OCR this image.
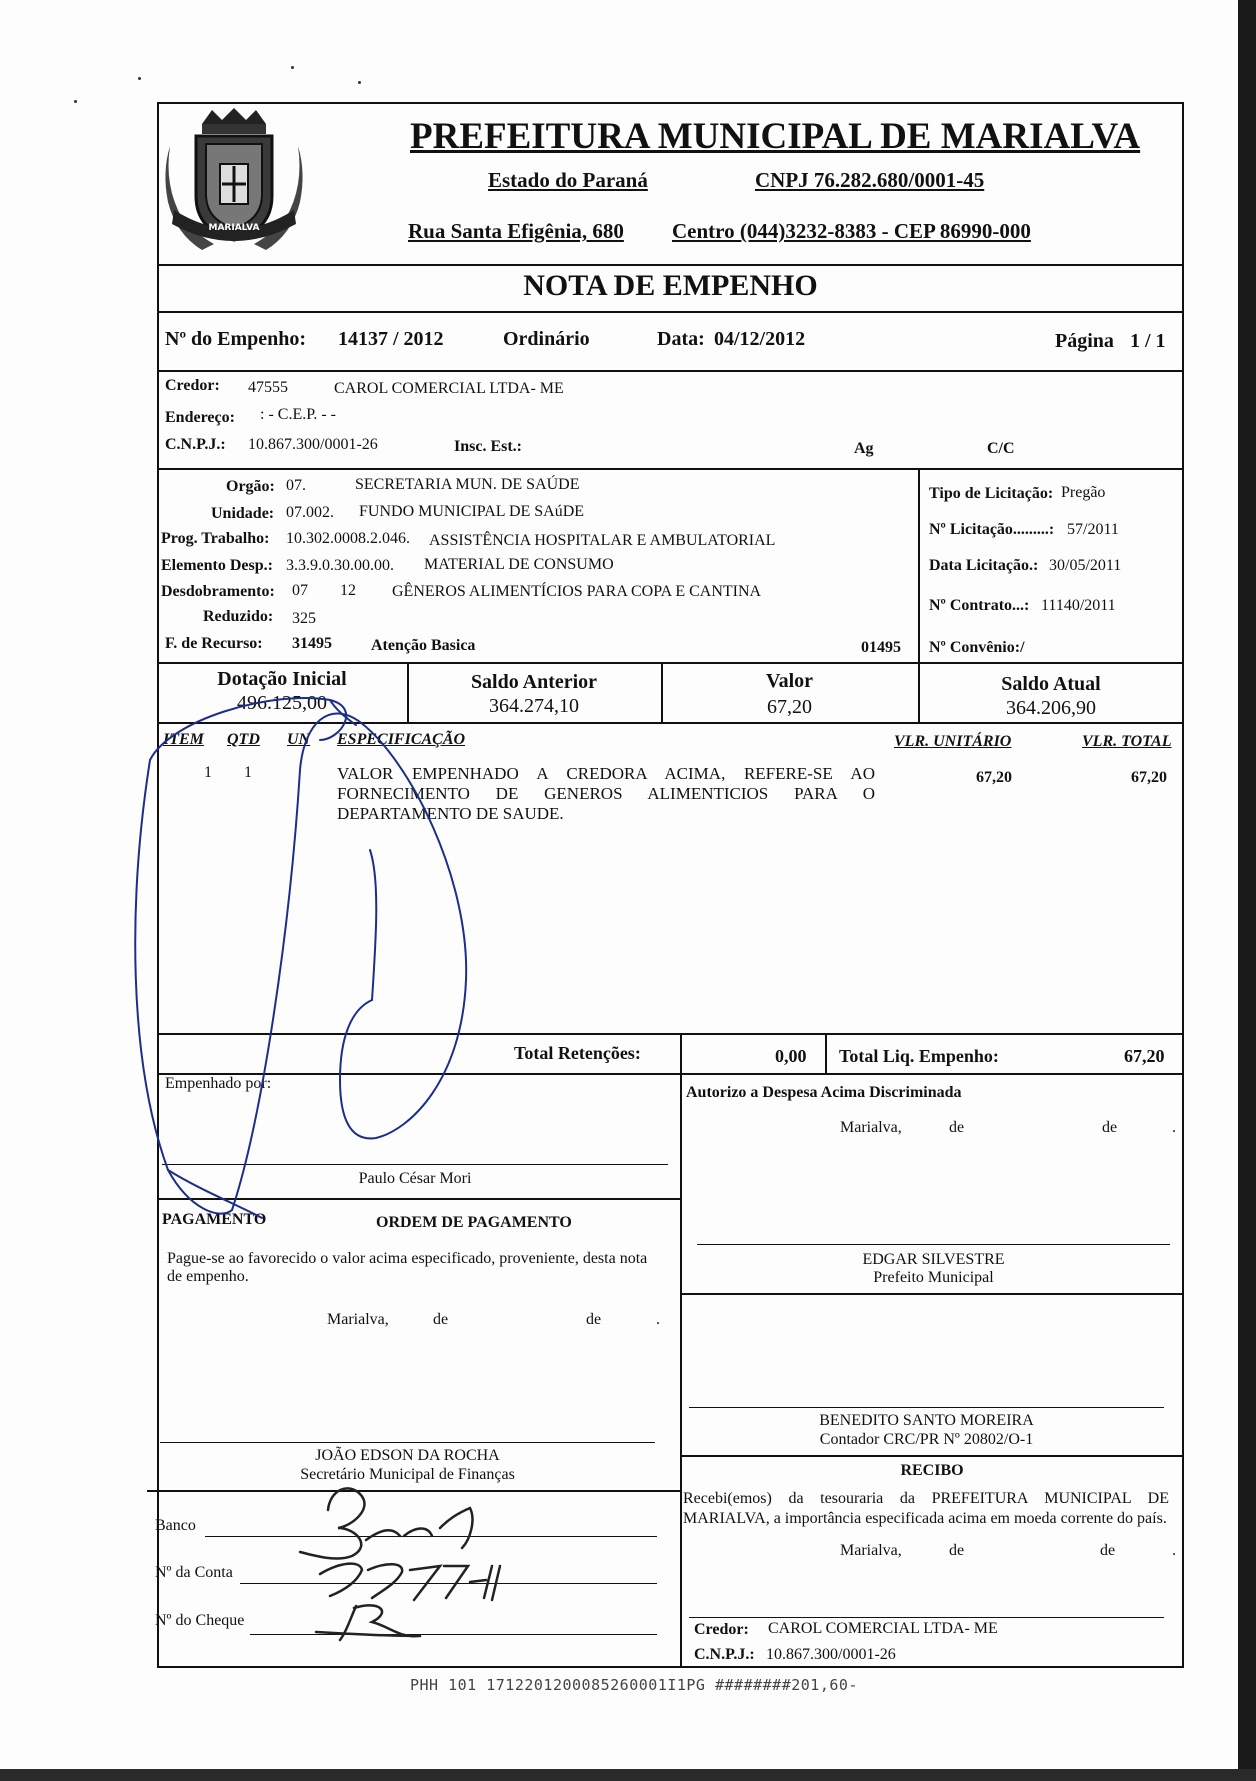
MARIALVA
PREFEITURA MUNICIPAL DE MARIALVA
Estado do Paraná	CNPJ 76.282.680/0001-45
Rua Santa Efigênia, 680 Centro (044)3232-8383 - CEP 86990-000
NOTA DE EMPENHO
Nº do Empenho: 14137 / 2012	Ordinário	Data: 04/12/2012	Página 1 / 1
Credor: 47555	CAROL COMERCIAL LTDA- ME
Endereço: : - C.E.P. - -
C.N.P.J.: 10.867.300/0001-26	Insc. Est.:	Ag	C/C
Orgão: 07.	SECRETARIA MUN. DE SAÚDE
Unidade: 07.002. FUNDO MUNICIPAL DE SAúDE
Prog. Trabalho: 10.302.0008.2.046. ASSISTÊNCIA HOSPITALAR E AMBULATORIAL
Elemento Desp.: 3.3.9.0.30.00.00. MATERIAL DE CONSUMO
Desdobramento: 07 12 GÊNEROS ALIMENTÍCIOS PARA COPA E CANTINA
Reduzido: 325
F. de Recurso: 31495 Atenção Basica	01495
Tipo de Licitação: Pregão
Nº Licitação.........: 57/2011
Data Licitação.: 30/05/2011
Nº Contrato...: 11140/2011
Nº Convênio:/
Dotação Inicial
496.125,00
Saldo Anterior
364.274,10
Valor
67,20
Saldo Atual
364.206,90
ITEM QTD UN ESPECIFICAÇÃO	VLR. UNITÁRIO	VLR. TOTAL
1 1	VALOR EMPENHADO A CREDORA ACIMA, REFERE-SE AO FORNECIMENTO DE GENEROS ALIMENTICIOS PARA O DEPARTAMENTO DE SAUDE.
67,20	67,20
Total Retenções:	0,00 Total Liq. Empenho:	67,20
Empenhado por:
Paulo César Mori
PAGAMENTO	ORDEM DE PAGAMENTO
Pague-se ao favorecido o valor acima especificado, proveniente, desta nota de empenho.
Marialva,	de	de	.
JOÃO EDSON DA ROCHA
Secretário Municipal de Finanças
Banco
Nº da Conta
Nº do Cheque
Autorizo a Despesa Acima Discriminada
Marialva,	de	de	.
EDGAR SILVESTRE
Prefeito Municipal
BENEDITO SANTO MOREIRA
Contador CRC/PR Nº 20802/O-1
RECIBO
Recebi(emos) da tesouraria da PREFEITURA MUNICIPAL DE MARIALVA, a importância especificada acima em moeda corrente do país.
Marialva,	de	de	.
Credor: CAROL COMERCIAL LTDA- ME
C.N.P.J.: 10.867.300/0001-26
PHH 101 1712201200085260001I1PG ########201,60-
